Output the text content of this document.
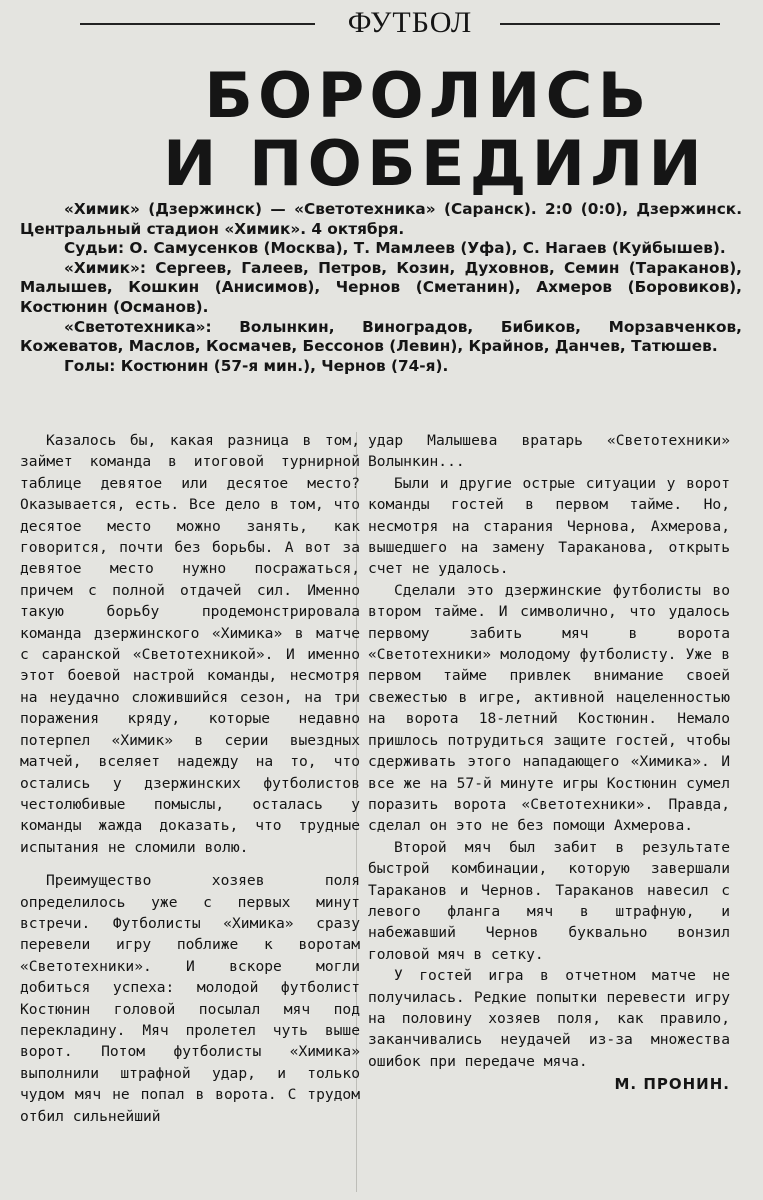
ФУТБОЛ
БОРОЛИСЬ
И ПОБЕДИЛИ

«Химик» (Дзержинск) — «Светотехника» (Саранск). 2:0 (0:0), Дзержинск. Центральный стадион «Химик». 4 октября.

Судьи: О. Самусенков (Москва), Т. Мамлеев (Уфа), С. Нагаев (Куйбышев).

«Химик»: Сергеев, Галеев, Петров, Козин, Духовнов, Семин (Тараканов), Малышев, Кошкин (Анисимов), Чернов (Сметанин), Ахмеров (Боровиков), Костюнин (Османов).

«Светотехника»: Волынкин, Виноградов, Бибиков, Морзавченков, Кожеватов, Маслов, Космачев, Бессонов (Левин), Крайнов, Данчев, Татюшев.

Голы: Костюнин (57-я мин.), Чернов (74-я).

Казалось бы, какая разница в том, займет команда в итоговой турнирной таблице девятое или десятое место? Оказывается, есть. Все дело в том, что десятое место можно занять, как говорится, почти без борьбы. А вот за девятое место нужно посражаться, причем с полной отдачей сил. Именно такую борьбу продемонстрировала команда дзержинского «Химика» в матче с саранской «Светотехникой». И именно этот боевой настрой команды, несмотря на неудачно сложившийся сезон, на три поражения кряду, которые недавно потерпел «Химик» в серии выездных матчей, вселяет надежду на то, что остались у дзержинских футболистов честолюбивые помыслы, осталась у команды жажда доказать, что трудные испытания не сломили волю.

Преимущество хозяев поля определилось уже с первых минут встречи. Футболисты «Химика» сразу перевели игру поближе к воротам «Светотехники». И вскоре могли добиться успеха: молодой футболист Костюнин головой посылал мяч под перекладину. Мяч пролетел чуть выше ворот. Потом футболисты «Химика» выполнили штрафной удар, и только чудом мяч не попал в ворота. С трудом отбил сильнейший

удар Малышева вратарь «Светотехники» Волынкин...

Были и другие острые ситуации у ворот команды гостей в первом тайме. Но, несмотря на старания Чернова, Ахмерова, вышедшего на замену Тараканова, открыть счет не удалось.

Сделали это дзержинские футболисты во втором тайме. И символично, что удалось первому забить мяч в ворота «Светотехники» молодому футболисту. Уже в первом тайме привлек внимание своей свежестью в игре, активной нацеленностью на ворота 18-летний Костюнин. Немало пришлось потрудиться защите гостей, чтобы сдерживать этого нападающего «Химика». И все же на 57-й минуте игры Костюнин сумел поразить ворота «Светотехники». Правда, сделал он это не без помощи Ахмерова.

Второй мяч был забит в результате быстрой комбинации, которую завершали Тараканов и Чернов. Тараканов навесил с левого фланга мяч в штрафную, и набежавший Чернов буквально вонзил головой мяч в сетку.

У гостей игра в отчетном матче не получилась. Редкие попытки перевести игру на половину хозяев поля, как правило, заканчивались неудачей из-за множества ошибок при передаче мяча.

М. ПРОНИН.
